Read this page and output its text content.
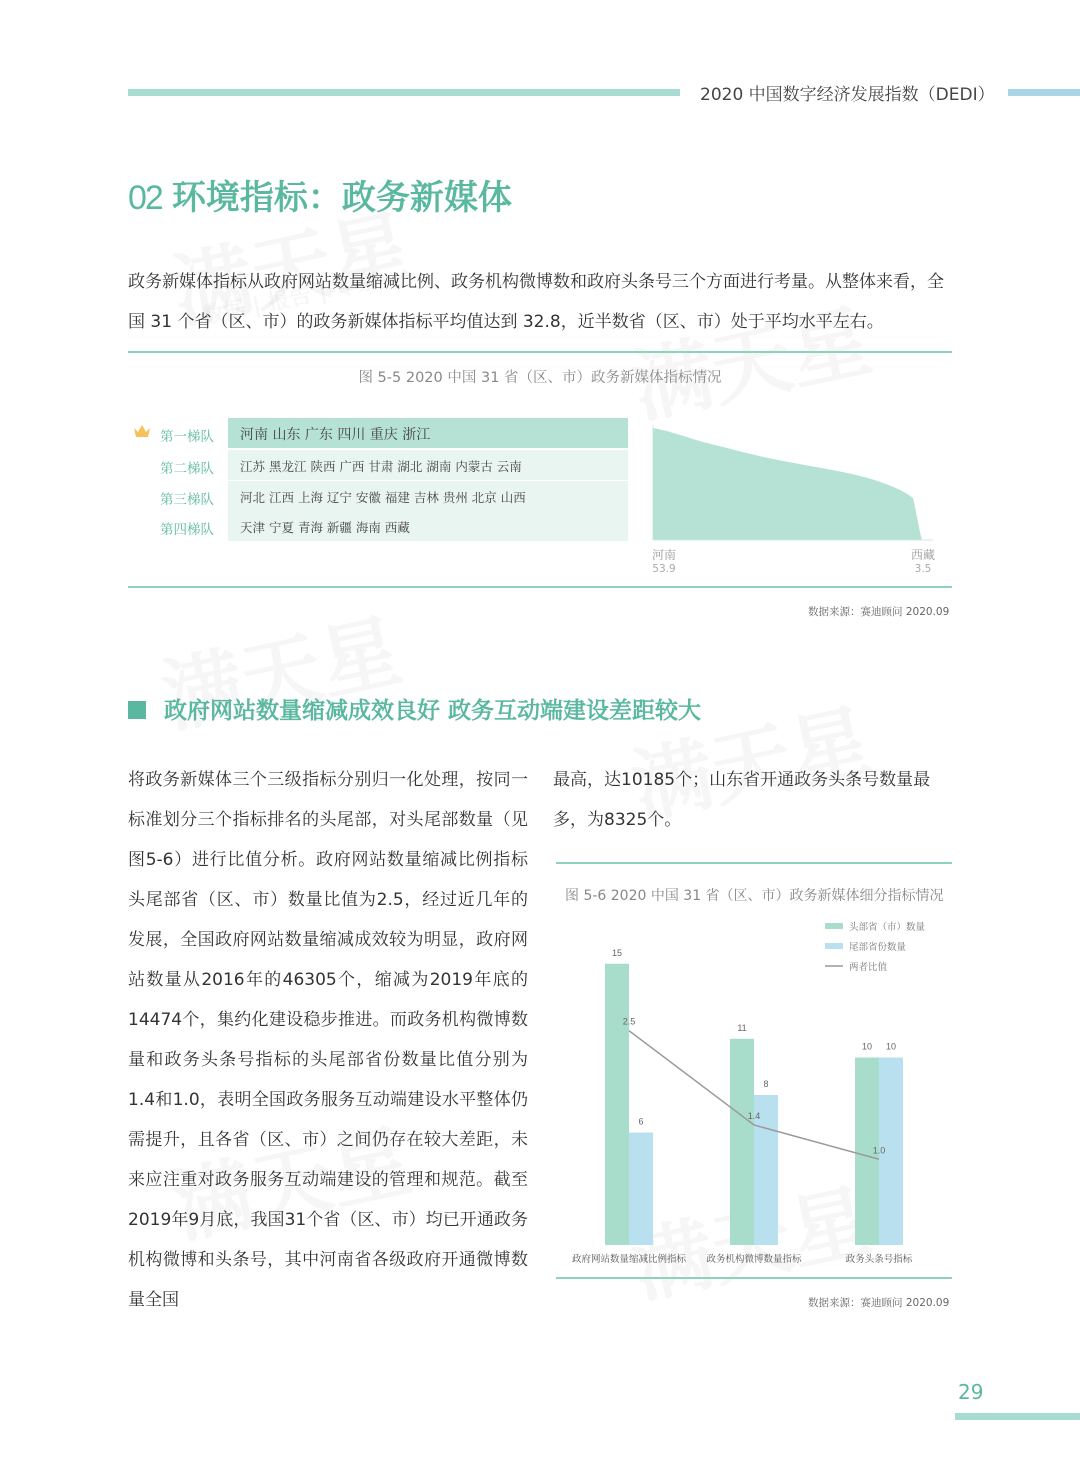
2020 中国数字经济发展指数（DEDI）
02 环境指标：政务新媒体
政务新媒体指标从政府网站数量缩减比例、政务机构微博数和政府头条号三个方面进行考量。从整体来看，全国 31 个省（区、市）的政务新媒体指标平均值达到 32.8，近半数省（区、市）处于平均水平左右。
图 5-5 2020 中国 31 省（区、市）政务新媒体指标情况
第一梯队 河南 山东 广东 四川 重庆 浙江
第二梯队 江苏 黑龙江 陕西 广西 甘肃 湖北 湖南 内蒙古 云南
第三梯队 河北 江西 上海 辽宁 安徽 福建 吉林 贵州 北京 山西
第四梯队 天津 宁夏 青海 新疆 海南 西藏
河南
53.9
西藏
3.5
数据来源：赛迪顾问 2020.09
政府网站数量缩减成效良好 政务互动端建设差距较大
将政务新媒体三个三级指标分别归一化处理，按同一标准划分三个指标排名的头尾部，对头尾部数量（见图5-6）进行比值分析。政府网站数量缩减比例指标头尾部省（区、市）数量比值为2.5，经过近几年的发展，全国政府网站数量缩减成效较为明显，政府网站数量从2016年的46305个，缩减为2019年底的14474个，集约化建设稳步推进。而政务机构微博数量和政务头条号指标的头尾部省份数量比值分别为1.4和1.0，表明全国政务服务互动端建设水平整体仍需提升，且各省（区、市）之间仍存在较大差距，未来应注重对政务服务互动端建设的管理和规范。截至2019年9月底，我国31个省（区、市）均已开通政务机构微博和头条号，其中河南省各级政府开通微博数量全国
最高，达10185个；山东省开通政务头条号数量最多，为8325个。
图 5-6 2020 中国 31 省（区、市）政务新媒体细分指标情况
15
6
政府网站数量缩减比例指标
11
8
政务机构微博数量指标
10 10
政务头条号指标
2.5
1.4
1.0
头部省（市）数量
尾部省份数量
两者比值
数据来源：赛迪顾问 2020.09
29
